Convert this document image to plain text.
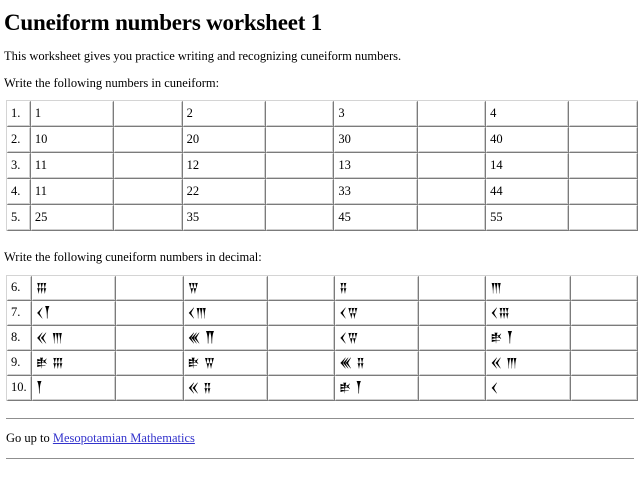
Cuneiform numbers worksheet 1

This worksheet gives you practice writing and recognizing cuneiform numbers.

Write the following numbers in cuneiform:

1.	1		2		3		4	
2.	10		20		30		40	
3.	11		12		13		14	
4.	11		22		33		44	
5.	25		35		45		55	

Write the following cuneiform numbers in decimal:

6.	𒐋		𒐊		𒐉		𒐈	
7.	𒌋𒐕		𒌋𒐈		𒌋𒐊		𒌋𒐋	
8.	𒎙 𒐈		𒌍 𒐖		𒌋𒐊		𒑒 𒐕	
9.	𒑒 𒐋		𒑒 𒐊		𒌍 𒐉		𒎙 𒐈	
10.	𒐕		𒎙 𒐉		𒑒 𒐕		𒌋	

Go up to Mesopotamian Mathematics
